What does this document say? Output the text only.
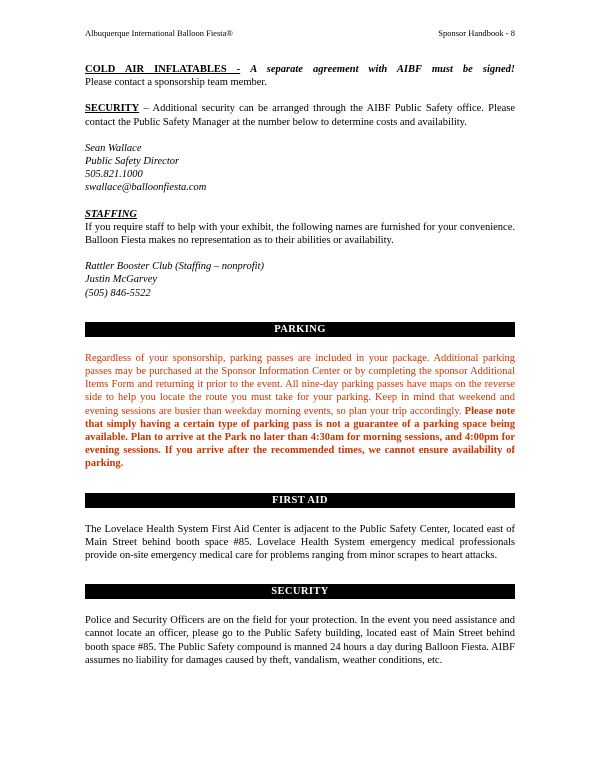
Albuquerque International Balloon Fiesta®	Sponsor Handbook - 8
COLD AIR INFLATABLES - A separate agreement with AIBF must be signed!
Please contact a sponsorship team member.
SECURITY – Additional security can be arranged through the AIBF Public Safety office. Please contact the Public Safety Manager at the number below to determine costs and availability.
Sean Wallace
Public Safety Director
505.821.1000
swallace@balloonfiesta.com
STAFFING
If you require staff to help with your exhibit, the following names are furnished for your convenience. Balloon Fiesta makes no representation as to their abilities or availability.
Rattler Booster Club (Staffing – nonprofit)
Justin McGarvey
(505) 846-5522
PARKING
Regardless of your sponsorship, parking passes are included in your package. Additional parking passes may be purchased at the Sponsor Information Center or by completing the sponsor Additional Items Form and returning it prior to the event. All nine-day parking passes have maps on the reverse side to help you locate the route you must take for your parking. Keep in mind that weekend and evening sessions are busier than weekday morning events, so plan your trip accordingly. Please note that simply having a certain type of parking pass is not a guarantee of a parking space being available. Plan to arrive at the Park no later than 4:30am for morning sessions, and 4:00pm for evening sessions. If you arrive after the recommended times, we cannot ensure availability of parking.
FIRST AID
The Lovelace Health System First Aid Center is adjacent to the Public Safety Center, located east of Main Street behind booth space #85. Lovelace Health System emergency medical professionals provide on-site emergency medical care for problems ranging from minor scrapes to heart attacks.
SECURITY
Police and Security Officers are on the field for your protection. In the event you need assistance and cannot locate an officer, please go to the Public Safety building, located east of Main Street behind booth space #85. The Public Safety compound is manned 24 hours a day during Balloon Fiesta. AIBF assumes no liability for damages caused by theft, vandalism, weather conditions, etc.
